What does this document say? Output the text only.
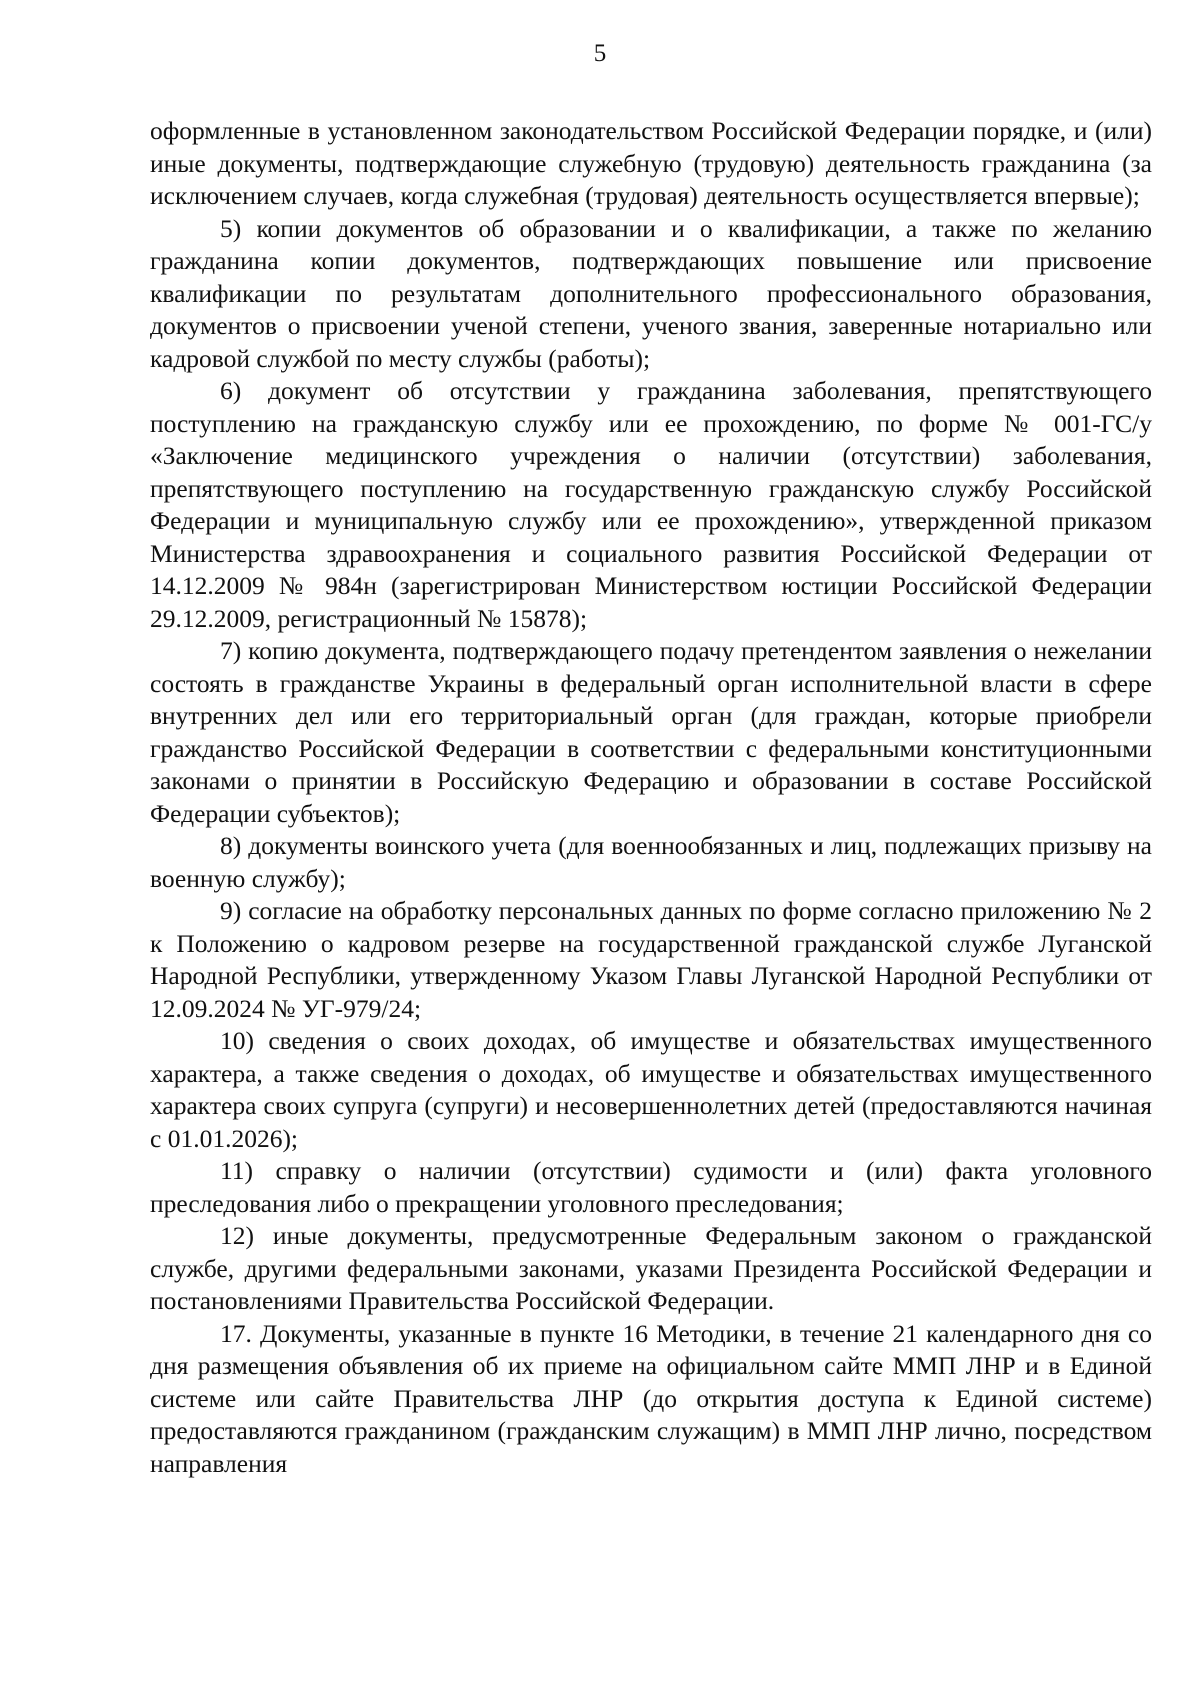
5

оформленные в установленном законодательством Российской Федерации порядке, и (или) иные документы, подтверждающие служебную (трудовую) деятельность гражданина (за исключением случаев, когда служебная (трудовая) деятельность осуществляется впервые);

5) копии документов об образовании и о квалификации, а также по желанию гражданина копии документов, подтверждающих повышение или присвоение квалификации по результатам дополнительного профессионального образования, документов о присвоении ученой степени, ученого звания, заверенные нотариально или кадровой службой по месту службы (работы);

6) документ об отсутствии у гражданина заболевания, препятствующего поступлению на гражданскую службу или ее прохождению, по форме № 001-ГС/у «Заключение медицинского учреждения о наличии (отсутствии) заболевания, препятствующего поступлению на государственную гражданскую службу Российской Федерации и муниципальную службу или ее прохождению», утвержденной приказом Министерства здравоохранения и социального развития Российской Федерации от 14.12.2009 № 984н (зарегистрирован Министерством юстиции Российской Федерации 29.12.2009, регистрационный № 15878);

7) копию документа, подтверждающего подачу претендентом заявления о нежелании состоять в гражданстве Украины в федеральный орган исполнительной власти в сфере внутренних дел или его территориальный орган (для граждан, которые приобрели гражданство Российской Федерации в соответствии с федеральными конституционными законами о принятии в Российскую Федерацию и образовании в составе Российской Федерации субъектов);

8) документы воинского учета (для военнообязанных и лиц, подлежащих призыву на военную службу);

9) согласие на обработку персональных данных по форме согласно приложению № 2 к Положению о кадровом резерве на государственной гражданской службе Луганской Народной Республики, утвержденному Указом Главы Луганской Народной Республики от 12.09.2024 № УГ-979/24;

10) сведения о своих доходах, об имуществе и обязательствах имущественного характера, а также сведения о доходах, об имуществе и обязательствах имущественного характера своих супруга (супруги) и несовершеннолетних детей (предоставляются начиная с 01.01.2026);

11) справку о наличии (отсутствии) судимости и (или) факта уголовного преследования либо о прекращении уголовного преследования;

12) иные документы, предусмотренные Федеральным законом о гражданской службе, другими федеральными законами, указами Президента Российской Федерации и постановлениями Правительства Российской Федерации.

17. Документы, указанные в пункте 16 Методики, в течение 21 календарного дня со дня размещения объявления об их приеме на официальном сайте ММП ЛНР и в Единой системе или сайте Правительства ЛНР (до открытия доступа к Единой системе) предоставляются гражданином (гражданским служащим) в ММП ЛНР лично, посредством направления
